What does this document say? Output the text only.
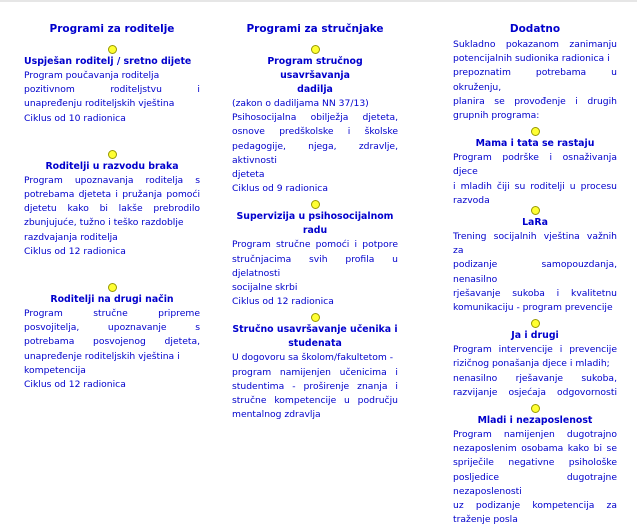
Programi za roditelje
Uspješan roditelj / sretno dijete
Program poučavanja roditelja
pozitivnom roditeljstvu i
unapređenju roditeljskih vještina
Ciklus od 10 radionica
Roditelji u razvodu braka
Program upoznavanja roditelja s
potrebama djeteta i pružanja pomoći
djetetu kako bi lakše prebrodilo
zbunjujuće, tužno i teško razdoblje
razdvajanja roditelja
Ciklus od 12 radionica
Roditelji na drugi način
Program stručne pripreme
posvojitelja, upoznavanje s
potrebama posvojenog djeteta,
unapređenje roditeljskih vještina i
kompetencija
Ciklus od 12 radionica
Programi za stručnjake
Program stručnog usavršavanja
dadilja
(zakon o dadiljama NN 37/13)
Psihosocijalna obilježja djeteta,
osnove predškolske i školske
pedagogije, njega, zdravlje, aktivnosti
djeteta
Ciklus od 9 radionica
Supervizija u psihosocijalnom
radu
Program stručne pomoći i potpore
stručnjacima svih profila u djelatnosti
socijalne skrbi
Ciklus od 12 radionica
Stručno usavršavanje učenika i
studenata
U dogovoru sa školom/fakultetom -
program namijenjen učenicima i
studentima - proširenje znanja i
stručne kompetencije u području
mentalnog zdravlja
Dodatno
Sukladno pokazanom zanimanju
potencijalnih sudionika radionica i
prepoznatim potrebama u okruženju,
planira se provođenje i drugih
grupnih programa:
Mama i tata se rastaju
Program podrške i osnaživanja djece
i mladih čiji su roditelji u procesu
razvoda
LaRa
Trening socijalnih vještina važnih za
podizanje samopouzdanja, nenasilno
rješavanje sukoba i kvalitetnu
komunikaciju - program prevencije
Ja i drugi
Program intervencije i prevencije
rizičnog ponašanja djece i mladih;
nenasilno rješavanje sukoba,
razvijanje osjećaja odgovornosti
Mladi i nezaposlenost
Program namijenjen dugotrajno
nezaposlenim osobama kako bi se
spriječile negativne psihološke
posljedice dugotrajne nezaposlenosti
uz podizanje kompetencija za
traženje posla
